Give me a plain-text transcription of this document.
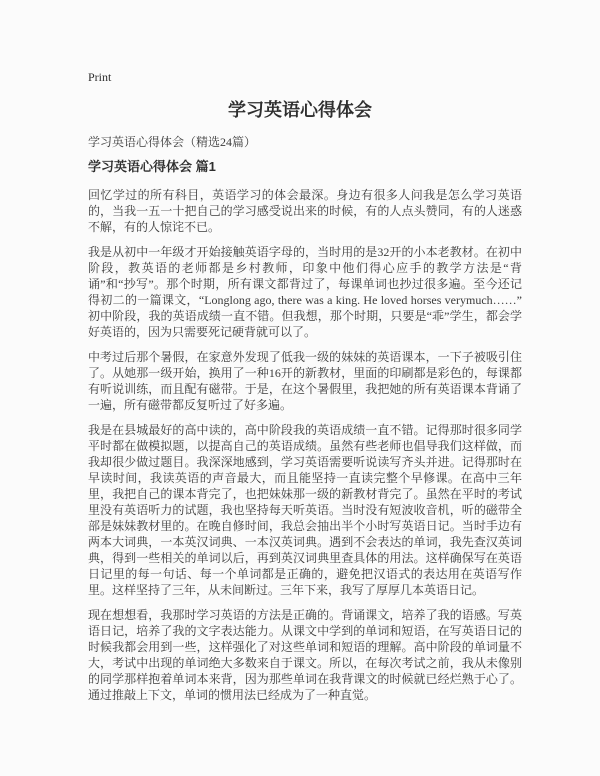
Print
学习英语心得体会
学习英语心得体会（精选24篇）
学习英语心得体会 篇1

回忆学过的所有科目，英语学习的体会最深。身边有很多人问我是怎么学习英语的，当我一五一十把自己的学习感受说出来的时候，有的人点头赞同，有的人迷惑不解，有的人惊诧不已。

我是从初中一年级才开始接触英语字母的，当时用的是32开的小本老教材。在初中阶段，教英语的老师都是乡村教师，印象中他们得心应手的教学方法是“背诵”和“抄写”。那个时期，所有课文都背过了，每课单词也抄过很多遍。至今还记得初二的一篇课文，“Longlong ago, there was a king. He loved horses verymuch……” 初中阶段，我的英语成绩一直不错。但我想，那个时期，只要是“乖”学生，都会学好英语的，因为只需要死记硬背就可以了。

中考过后那个暑假，在家意外发现了低我一级的妹妹的英语课本，一下子被吸引住了。从她那一级开始，换用了一种16开的新教材，里面的印刷都是彩色的，每课都有听说训练，而且配有磁带。于是，在这个暑假里，我把她的所有英语课本背诵了一遍，所有磁带都反复听过了好多遍。

我是在县城最好的高中读的，高中阶段我的英语成绩一直不错。记得那时很多同学平时都在做模拟题，以提高自己的英语成绩。虽然有些老师也倡导我们这样做，而我却很少做过题目。我深深地感到，学习英语需要听说读写齐头并进。记得那时在早读时间，我读英语的声音最大，而且能坚持一直读完整个早修课。在高中三年里，我把自己的课本背完了，也把妹妹那一级的新教材背完了。虽然在平时的考试里没有英语听力的试题，我也坚持每天听英语。当时没有短波收音机，听的磁带全部是妹妹教材里的。在晚自修时间，我总会抽出半个小时写英语日记。当时手边有两本大词典，一本英汉词典、一本汉英词典。遇到不会表达的单词，我先查汉英词典，得到一些相关的单词以后，再到英汉词典里查具体的用法。这样确保写在英语日记里的每一句话、每一个单词都是正确的，避免把汉语式的表达用在英语写作里。这样坚持了三年，从未间断过。三年下来，我写了厚厚几本英语日记。

现在想想看，我那时学习英语的方法是正确的。背诵课文，培养了我的语感。写英语日记，培养了我的文字表达能力。从课文中学到的单词和短语，在写英语日记的时候我都会用到一些，这样强化了对这些单词和短语的理解。高中阶段的单词量不大，考试中出现的单词绝大多数来自于课文。所以，在每次考试之前，我从未像别的同学那样抱着单词本来背，因为那些单词在我背课文的时候就已经烂熟于心了。通过推敲上下文，单词的惯用法已经成为了一种直觉。
